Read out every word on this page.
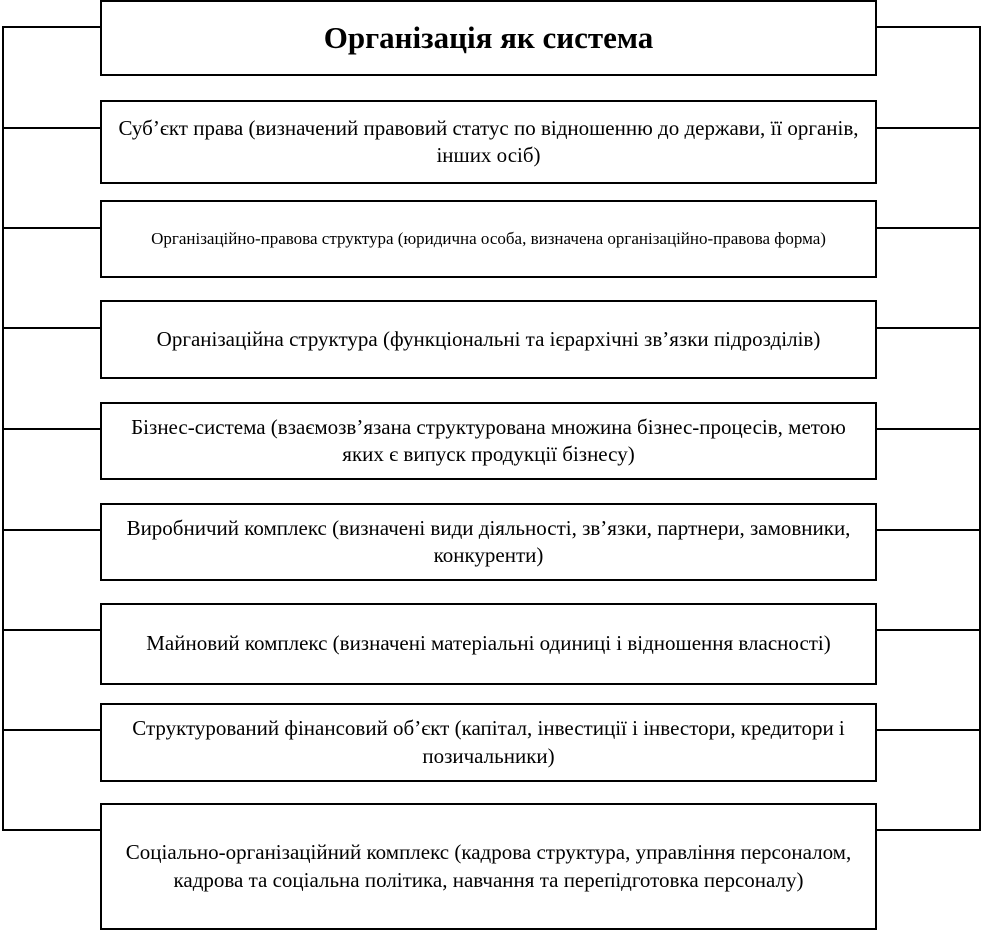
Організація як система
Суб’єкт права (визначений правовий статус по відношенню до держави, її органів, інших осіб)
Організаційно-правова структура (юридична особа, визначена організаційно-правова форма)
Організаційна структура (функціональні та ієрархічні зв’язки підрозділів)
Бізнес-система (взаємозв’язана структурована множина бізнес-процесів, метою яких є випуск продукції бізнесу)
Виробничий комплекс (визначені види діяльності, зв’язки, партнери, замовники, конкуренти)
Майновий комплекс (визначені матеріальні одиниці і відношення власності)
Структурований фінансовий об’єкт (капітал, інвестиції і інвестори, кредитори і позичальники)
Соціально-організаційний комплекс (кадрова структура, управління персоналом, кадрова та соціальна політика, навчання та перепідготовка персоналу)
